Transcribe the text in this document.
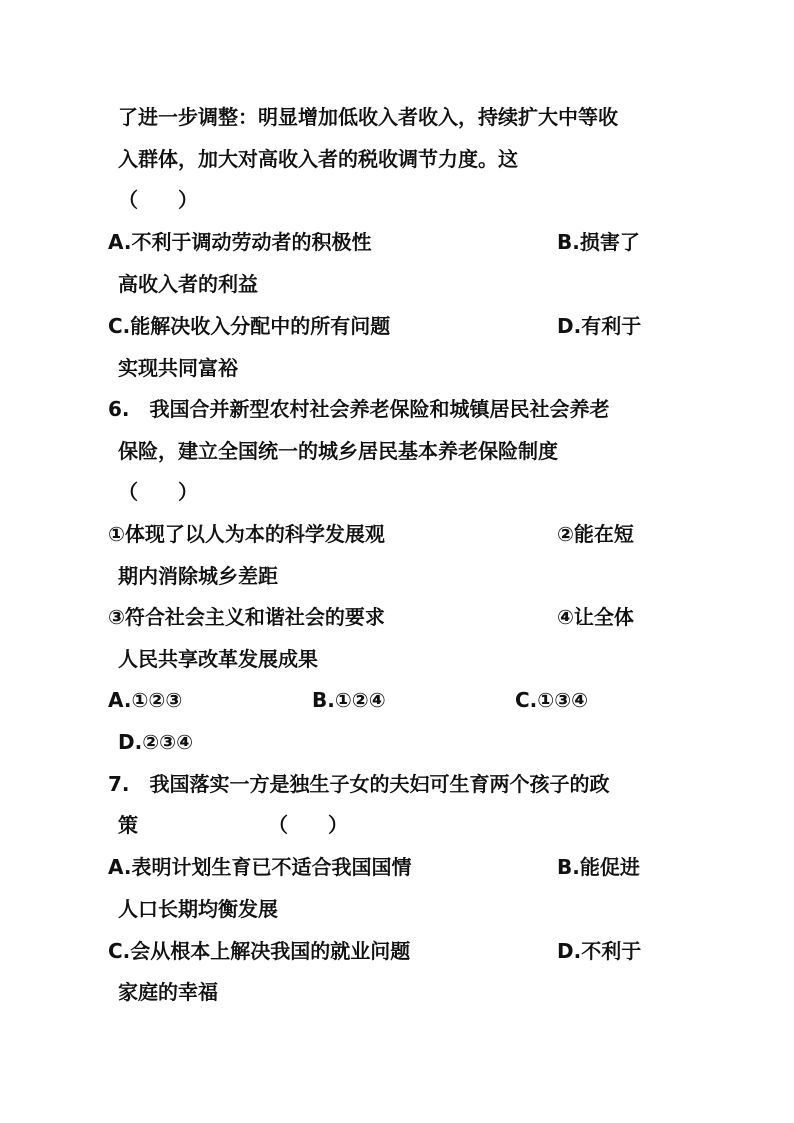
了进一步调整：明显增加低收入者收入，持续扩大中等收
入群体，加大对高收入者的税收调节力度。这
（　　）
A.不利于调动劳动者的积极性	B.损害了
高收入者的利益
C.能解决收入分配中的所有问题	D.有利于
实现共同富裕
6.　我国合并新型农村社会养老保险和城镇居民社会养老
保险，建立全国统一的城乡居民基本养老保险制度
（　　）
①体现了以人为本的科学发展观	②能在短
期内消除城乡差距
③符合社会主义和谐社会的要求	④让全体
人民共享改革发展成果
A.①②③	B.①②④	C.①③④
D.②③④
7.　我国落实一方是独生子女的夫妇可生育两个孩子的政
策　　　　　　　（　　）
A.表明计划生育已不适合我国国情	B.能促进
人口长期均衡发展
C.会从根本上解决我国的就业问题	D.不利于
家庭的幸福
